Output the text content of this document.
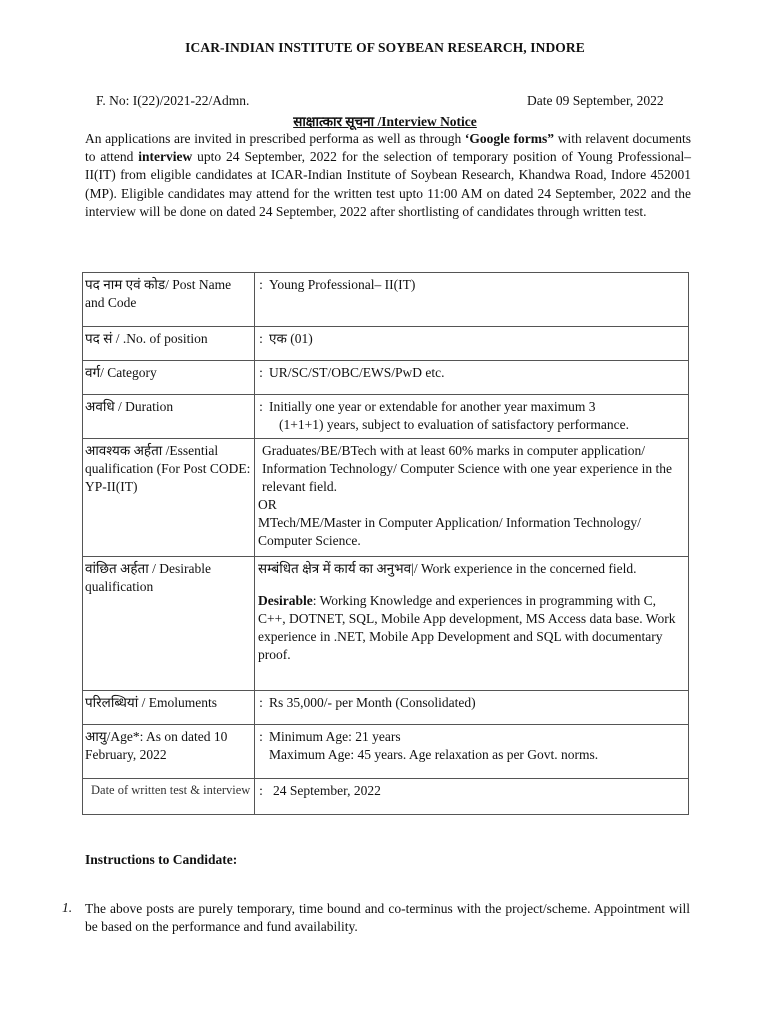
ICAR-INDIAN INSTITUTE OF SOYBEAN RESEARCH, INDORE
F. No: I(22)/2021-22/Admn.	Date 09 September, 2022
साक्षात्कार सूचना /Interview Notice
An applications are invited in prescribed performa as well as through ‘Google forms” with relavent documents to attend interview upto 24 September, 2022 for the selection of temporary position of Young Professional–II(IT) from eligible candidates at ICAR-Indian Institute of Soybean Research, Khandwa Road, Indore 452001 (MP). Eligible candidates may attend for the written test upto 11:00 AM on dated 24 September, 2022 and the interview will be done on dated 24 September, 2022 after shortlisting of candidates through written test.
पद नाम एवं कोड/ Post Name and Code	:	Young Professional– II(IT)
पद सं / .No. of position	:	एक (01)
वर्ग/ Category	:	UR/SC/ST/OBC/EWS/PwD etc.
अवधि / Duration	:	Initially one year or extendable for another year maximum 3
(1+1+1) years, subject to evaluation of satisfactory performance.

आवश्यक अर्हता /Essential qualification (For Post CODE: YP-II(IT)	Graduates/BE/BTech with at least 60% marks in computer application/ Information Technology/ Computer Science with one year experience in the relevant field.
OR
MTech/ME/Master in Computer Application/ Information Technology/ Computer Science.	

वांछित अर्हता / Desirable qualification	सम्बंधित क्षेत्र में कार्य का अनुभव|/ Work experience in the concerned field.
Desirable: Working Knowledge and experiences in programming with C, C++, DOTNET, SQL, Mobile App development, MS Access data base. Work experience in .NET, Mobile App Development and SQL with documentary proof.	

परिलब्धियां / Emoluments	:	Rs 35,000/- per Month (Consolidated)
आयु/Age*: As on dated 10 February, 2022	:	Minimum Age: 21 years
Maximum Age: 45 years. Age relaxation as per Govt. norms.

Date of written test & interview	:	24 September, 2022
Instructions to Candidate:
1. The above posts are purely temporary, time bound and co-terminus with the project/scheme. Appointment will be based on the performance and fund availability.
